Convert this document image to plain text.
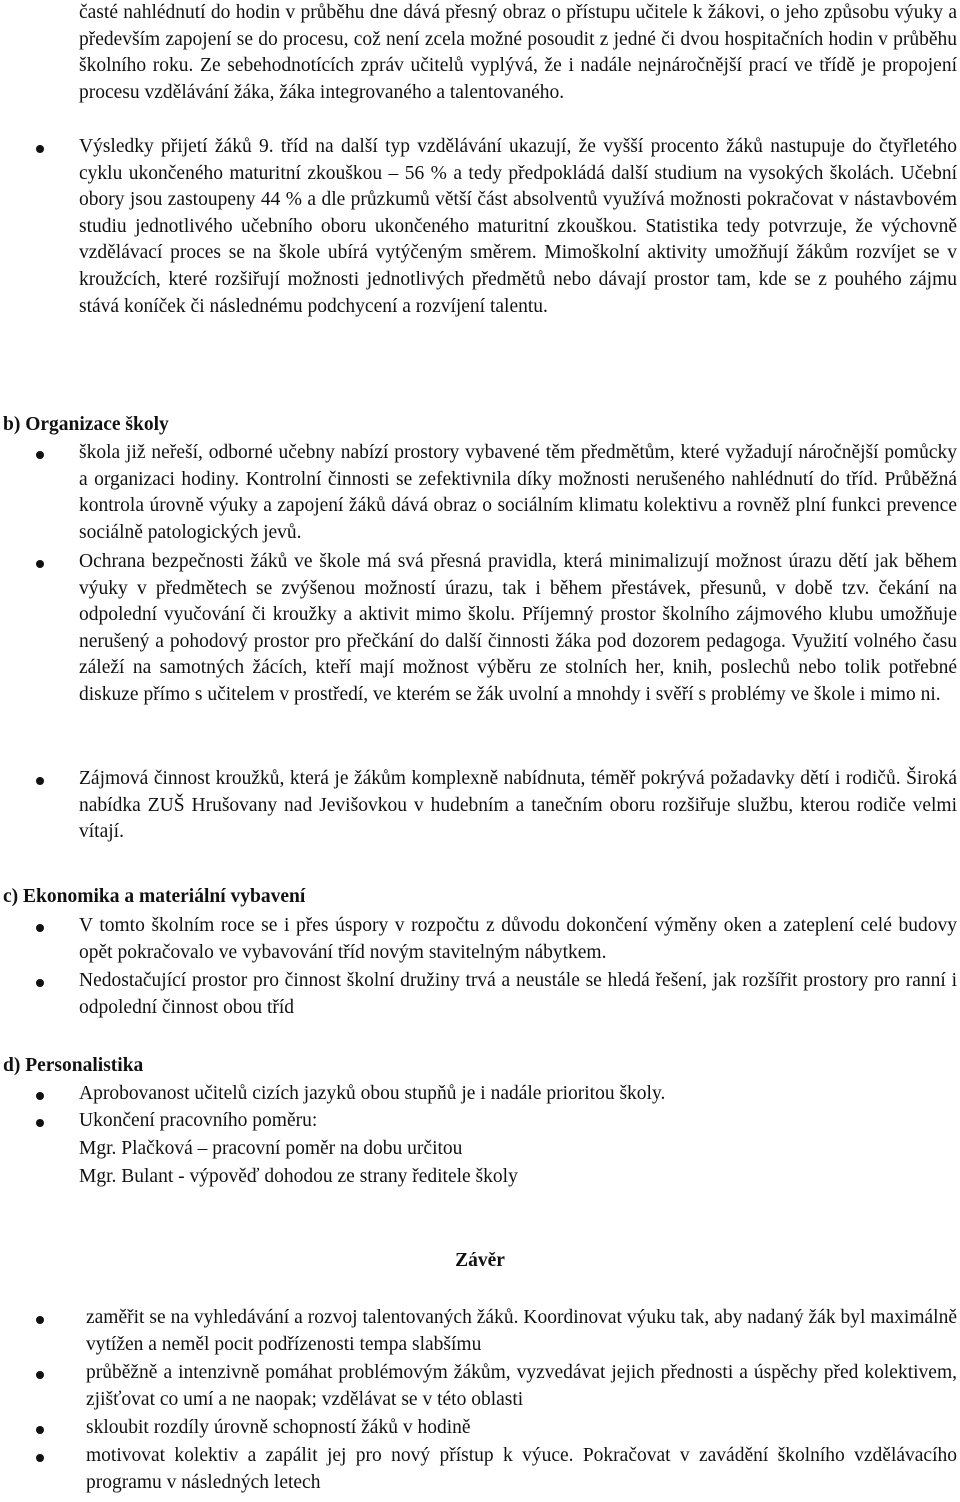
časté nahlédnutí do hodin v průběhu dne dává přesný obraz o přístupu učitele k žákovi, o jeho způsobu výuky a především zapojení se do procesu, což není zcela možné posoudit z jedné či dvou hospitačních hodin v průběhu školního roku. Ze sebehodnotících zpráv učitelů vyplývá, že i nadále nejnáročnější prací ve třídě je propojení procesu vzdělávání žáka, žáka integrovaného a talentovaného.

Výsledky přijetí žáků 9. tříd na další typ vzdělávání ukazují, že vyšší procento žáků nastupuje do čtyřletého cyklu ukončeného maturitní zkouškou – 56 % a tedy předpokládá další studium na vysokých školách. Učební obory jsou zastoupeny 44 % a dle průzkumů větší část absolventů využívá možnosti pokračovat v nástavbovém studiu jednotlivého učebního oboru ukončeného maturitní zkouškou. Statistika tedy potvrzuje, že výchovně vzdělávací proces se na škole ubírá vytýčeným směrem. Mimoškolní aktivity umožňují žákům rozvíjet se v kroužcích, které rozšiřují možnosti jednotlivých předmětů nebo dávají prostor tam, kde se z pouhého zájmu stává koníček či následnému podchycení a rozvíjení talentu.

b) Organizace školy

škola již neřeší, odborné učebny nabízí prostory vybavené těm předmětům, které vyžadují náročnější pomůcky a organizaci hodiny. Kontrolní činnosti se zefektivnila díky možnosti nerušeného nahlédnutí do tříd. Průběžná kontrola úrovně výuky a zapojení žáků dává obraz o sociálním klimatu kolektivu a rovněž plní funkci prevence sociálně patologických jevů.

Ochrana bezpečnosti žáků ve škole má svá přesná pravidla, která minimalizují možnost úrazu dětí jak během výuky v předmětech se zvýšenou možností úrazu, tak i během přestávek, přesunů, v době tzv. čekání na odpolední vyučování či kroužky a aktivit mimo školu. Příjemný prostor školního zájmového klubu umožňuje nerušený a pohodový prostor pro přečkání do další činnosti žáka pod dozorem pedagoga. Využití volného času záleží na samotných žácích, kteří mají možnost výběru ze stolních her, knih, poslechů nebo tolik potřebné diskuze přímo s učitelem v prostředí, ve kterém se žák uvolní a mnohdy i svěří s problémy ve škole i mimo ni.

Zájmová činnost kroužků, která je žákům komplexně nabídnuta, téměř pokrývá požadavky dětí i rodičů. Široká nabídka ZUŠ Hrušovany nad Jevišovkou v hudebním a tanečním oboru rozšiřuje službu, kterou rodiče velmi vítají.

c) Ekonomika a materiální vybavení

V tomto školním roce se i přes úspory v rozpočtu z důvodu dokončení výměny oken a zateplení celé budovy opět pokračovalo ve vybavování tříd novým stavitelným nábytkem.

Nedostačující prostor pro činnost školní družiny trvá a neustále se hledá řešení, jak rozšířit prostory pro ranní i odpolední činnost obou tříd

d) Personalistika

Aprobovanost učitelů cizích jazyků obou stupňů je i nadále prioritou školy.

Ukončení pracovního poměru:

Mgr. Plačková – pracovní poměr na dobu určitou

Mgr. Bulant - výpověď dohodou ze strany ředitele školy

Závěr

zaměřit se na vyhledávání a rozvoj talentovaných žáků. Koordinovat výuku tak, aby nadaný žák byl maximálně vytížen a neměl pocit podřízenosti tempa slabšímu

průběžně a intenzivně pomáhat problémovým žákům, vyzvedávat jejich přednosti a úspěchy před kolektivem, zjišťovat co umí a ne naopak; vzdělávat se v této oblasti

skloubit rozdíly úrovně schopností žáků v hodině

motivovat kolektiv a zapálit jej pro nový přístup k výuce. Pokračovat v zavádění školního vzdělávacího programu v následných letech
